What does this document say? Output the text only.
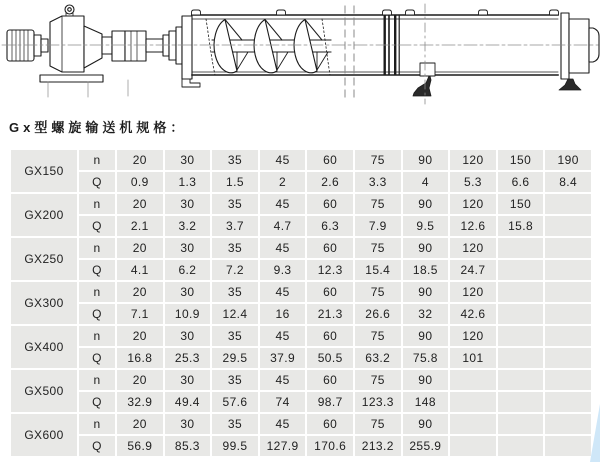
Gx型螺旋输送机规格：
GX150	n	20	30	35	45	60	75	90	120	150	190
	Q	0.9	1.3	1.5	2	2.6	3.3	4	5.3	6.6	8.4
GX200	n	20	30	35	45	60	75	90	120	150	
	Q	2.1	3.2	3.7	4.7	6.3	7.9	9.5	12.6	15.8	
GX250	n	20	30	35	45	60	75	90	120		
	Q	4.1	6.2	7.2	9.3	12.3	15.4	18.5	24.7		
GX300	n	20	30	35	45	60	75	90	120		
	Q	7.1	10.9	12.4	16	21.3	26.6	32	42.6		
GX400	n	20	30	35	45	60	75	90	120		
	Q	16.8	25.3	29.5	37.9	50.5	63.2	75.8	101		
GX500	n	20	30	35	45	60	75	90			
	Q	32.9	49.4	57.6	74	98.7	123.3	148			
GX600	n	20	30	35	45	60	75	90			
	Q	56.9	85.3	99.5	127.9	170.6	213.2	255.9			
